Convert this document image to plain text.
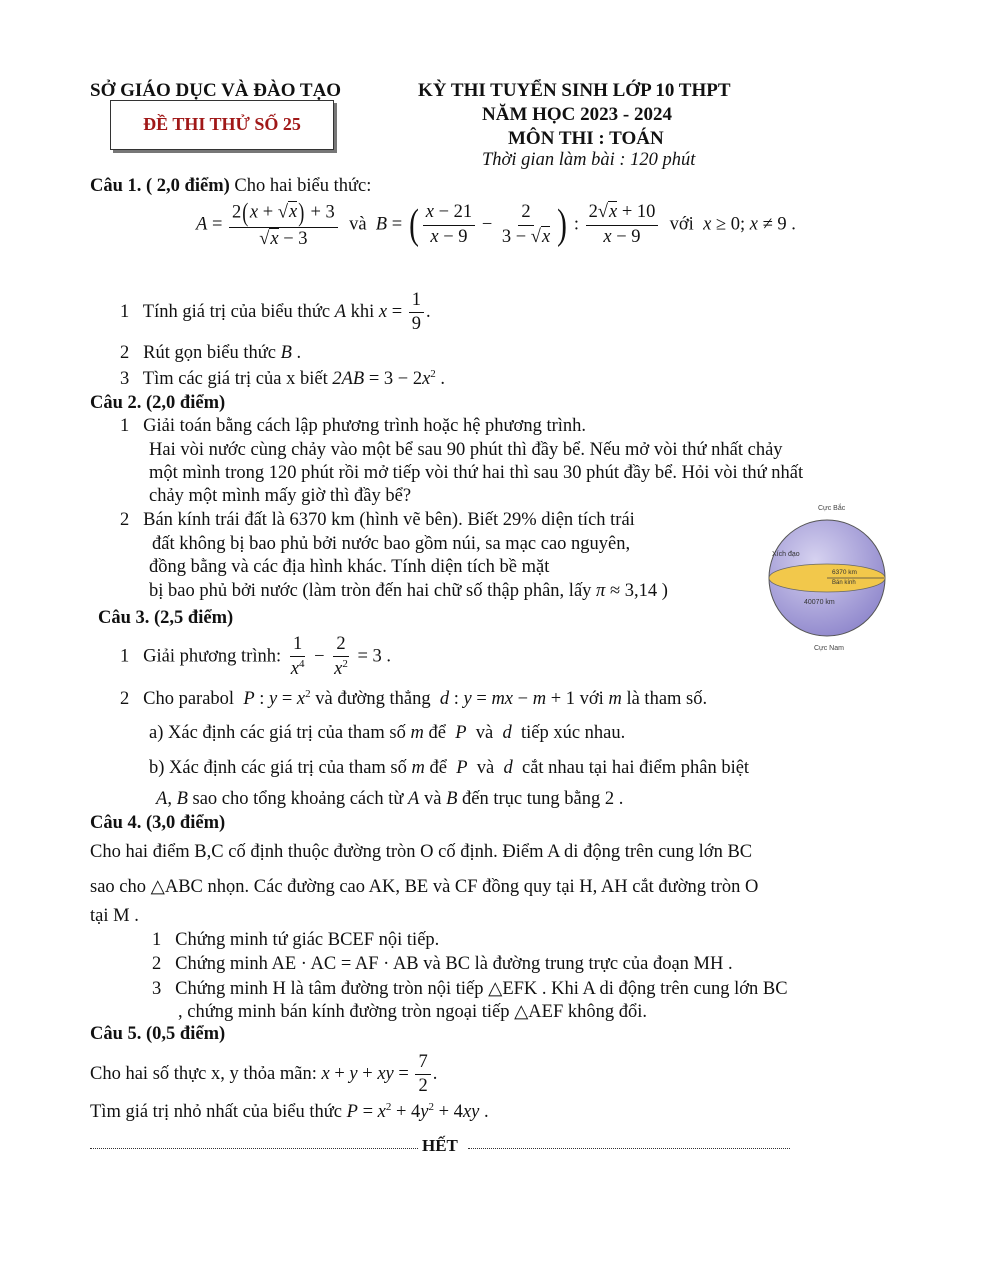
SỞ GIÁO DỤC VÀ ĐÀO TẠO
ĐỀ THI THỬ SỐ 25
KỲ THI TUYỂN SINH LỚP 10 THPT
NĂM HỌC 2023 - 2024
MÔN THI : TOÁN
Thời gian làm bài : 120 phút
Câu 1. ( 2,0 điểm) Cho hai biểu thức:
$A = \frac{2(x + √x) + 3}{√x - 3}$ và  B = ( $\frac{x - 21}{x - 9} - \frac{2}{3 - √x}$ ) : $\frac{2√x + 10}{x - 9}$ với  x ≥ 0; x ≠ 9 .
1 Tính giá trị của biểu thức A khi $x = \frac{1}{9}$ .
2 Rút gọn biểu thức B .
3 Tìm các giá trị của x biết $2AB = 3 - 2x^2$ .
Câu 2. (2,0 điểm)
1 Giải toán bằng cách lập phương trình hoặc hệ phương trình.
Hai vòi nước cùng chảy vào một bể sau 90 phút thì đầy bể. Nếu mở vòi thứ nhất chảy
một mình trong 120 phút rồi mở tiếp vòi thứ hai thì sau 30 phút đầy bể. Hỏi vòi thứ nhất
chảy một mình mấy giờ thì đầy bể?
2 Bán kính trái đất là 6370 km (hình vẽ bên). Biết 29% diện tích trái
đất không bị bao phủ bởi nước bao gồm núi, sa mạc cao nguyên,
đồng bằng và các địa hình khác. Tính diện tích bề mặt
bị bao phủ bởi nước (làm tròn đến hai chữ số thập phân, lấy π ≈ 3,14 )
Cực Bắc
Xích đạo
6370 km
Bán kính
40070 km
Cực Nam
Câu 3. (2,5 điểm)
1 Giải phương trình: $\frac{1}{x^4} - \frac{2}{x^2} = 3$ .
2 Cho parabol P : $y = x^2$ và đường thẳng d : y = mx − m + 1 với m là tham số.
a) Xác định các giá trị của tham số m để  P  và  d tiếp xúc nhau.
b) Xác định các giá trị của tham số m để  P  và  d cắt nhau tại hai điểm phân biệt
A, B sao cho tổng khoảng cách từ A và B đến trục tung bằng 2 .
Câu 4. (3,0 điểm)
Cho hai điểm B,C cố định thuộc đường tròn O cố định. Điểm A di động trên cung lớn BC
sao cho △ABC nhọn. Các đường cao AK, BE và CF đồng quy tại H, AH cắt đường tròn O
tại M .
1 Chứng minh tứ giác BCEF nội tiếp.
2 Chứng minh AE · AC = AF · AB và BC là đường trung trực của đoạn MH .
3 Chứng minh H là tâm đường tròn nội tiếp △EFK . Khi A di động trên cung lớn BC
, chứng minh bán kính đường tròn ngoại tiếp △AEF không đổi.
Câu 5. (0,5 điểm)
Cho hai số thực x, y thỏa mãn: x + y + xy = $\frac{7}{2}$ .
Tìm giá trị nhỏ nhất của biểu thức $P = x^2 + 4y^2 + 4xy$ .
HẾT
